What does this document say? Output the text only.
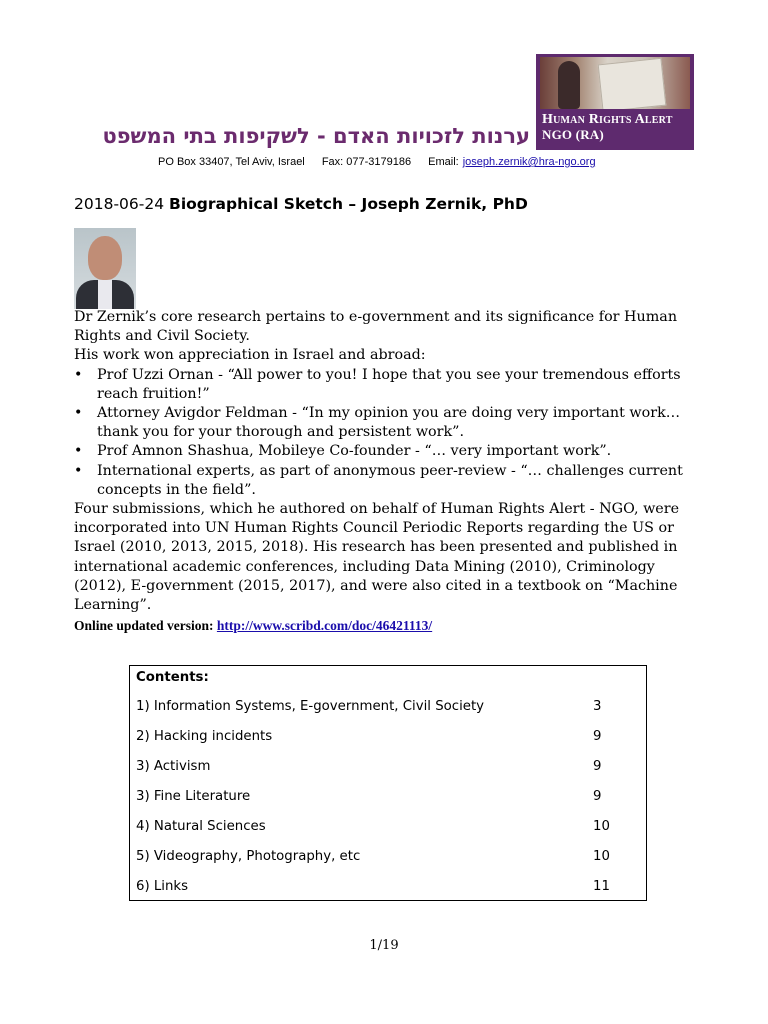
Human Rights Alert
NGO (RA)
ערנות לזכויות האדם - לשקיפות בתי המשפט
PO Box 33407, Tel Aviv, Israel Fax: 077-3179186 Email: joseph.zernik@hra-ngo.org
2018-06-24 Biographical Sketch – Joseph Zernik, PhD

Dr Zernik’s core research pertains to e-government and its significance for Human Rights and Civil Society.

His work won appreciation in Israel and abroad:

• Prof Uzzi Ornan - “All power to you! I hope that you see your tremendous efforts reach fruition!”
• Attorney Avigdor Feldman - “In my opinion you are doing very important work… thank you for your thorough and persistent work”.
• Prof Amnon Shashua, Mobileye Co-founder - “… very important work”.
• International experts, as part of anonymous peer-review - “… challenges current concepts in the field”.

Four submissions, which he authored on behalf of Human Rights Alert - NGO, were incorporated into UN Human Rights Council Periodic Reports regarding the US or Israel (2010, 2013, 2015, 2018). His research has been presented and published in international academic conferences, including Data Mining (2010), Criminology (2012), E-government (2015, 2017), and were also cited in a textbook on “Machine Learning”.

Online updated version: http://www.scribd.com/doc/46421113/
Contents:
1) Information Systems, E-government, Civil Society	3
2) Hacking incidents	9
3) Activism	9
3) Fine Literature	9
4) Natural Sciences	10
5) Videography, Photography, etc	10
6) Links	11
1/19
